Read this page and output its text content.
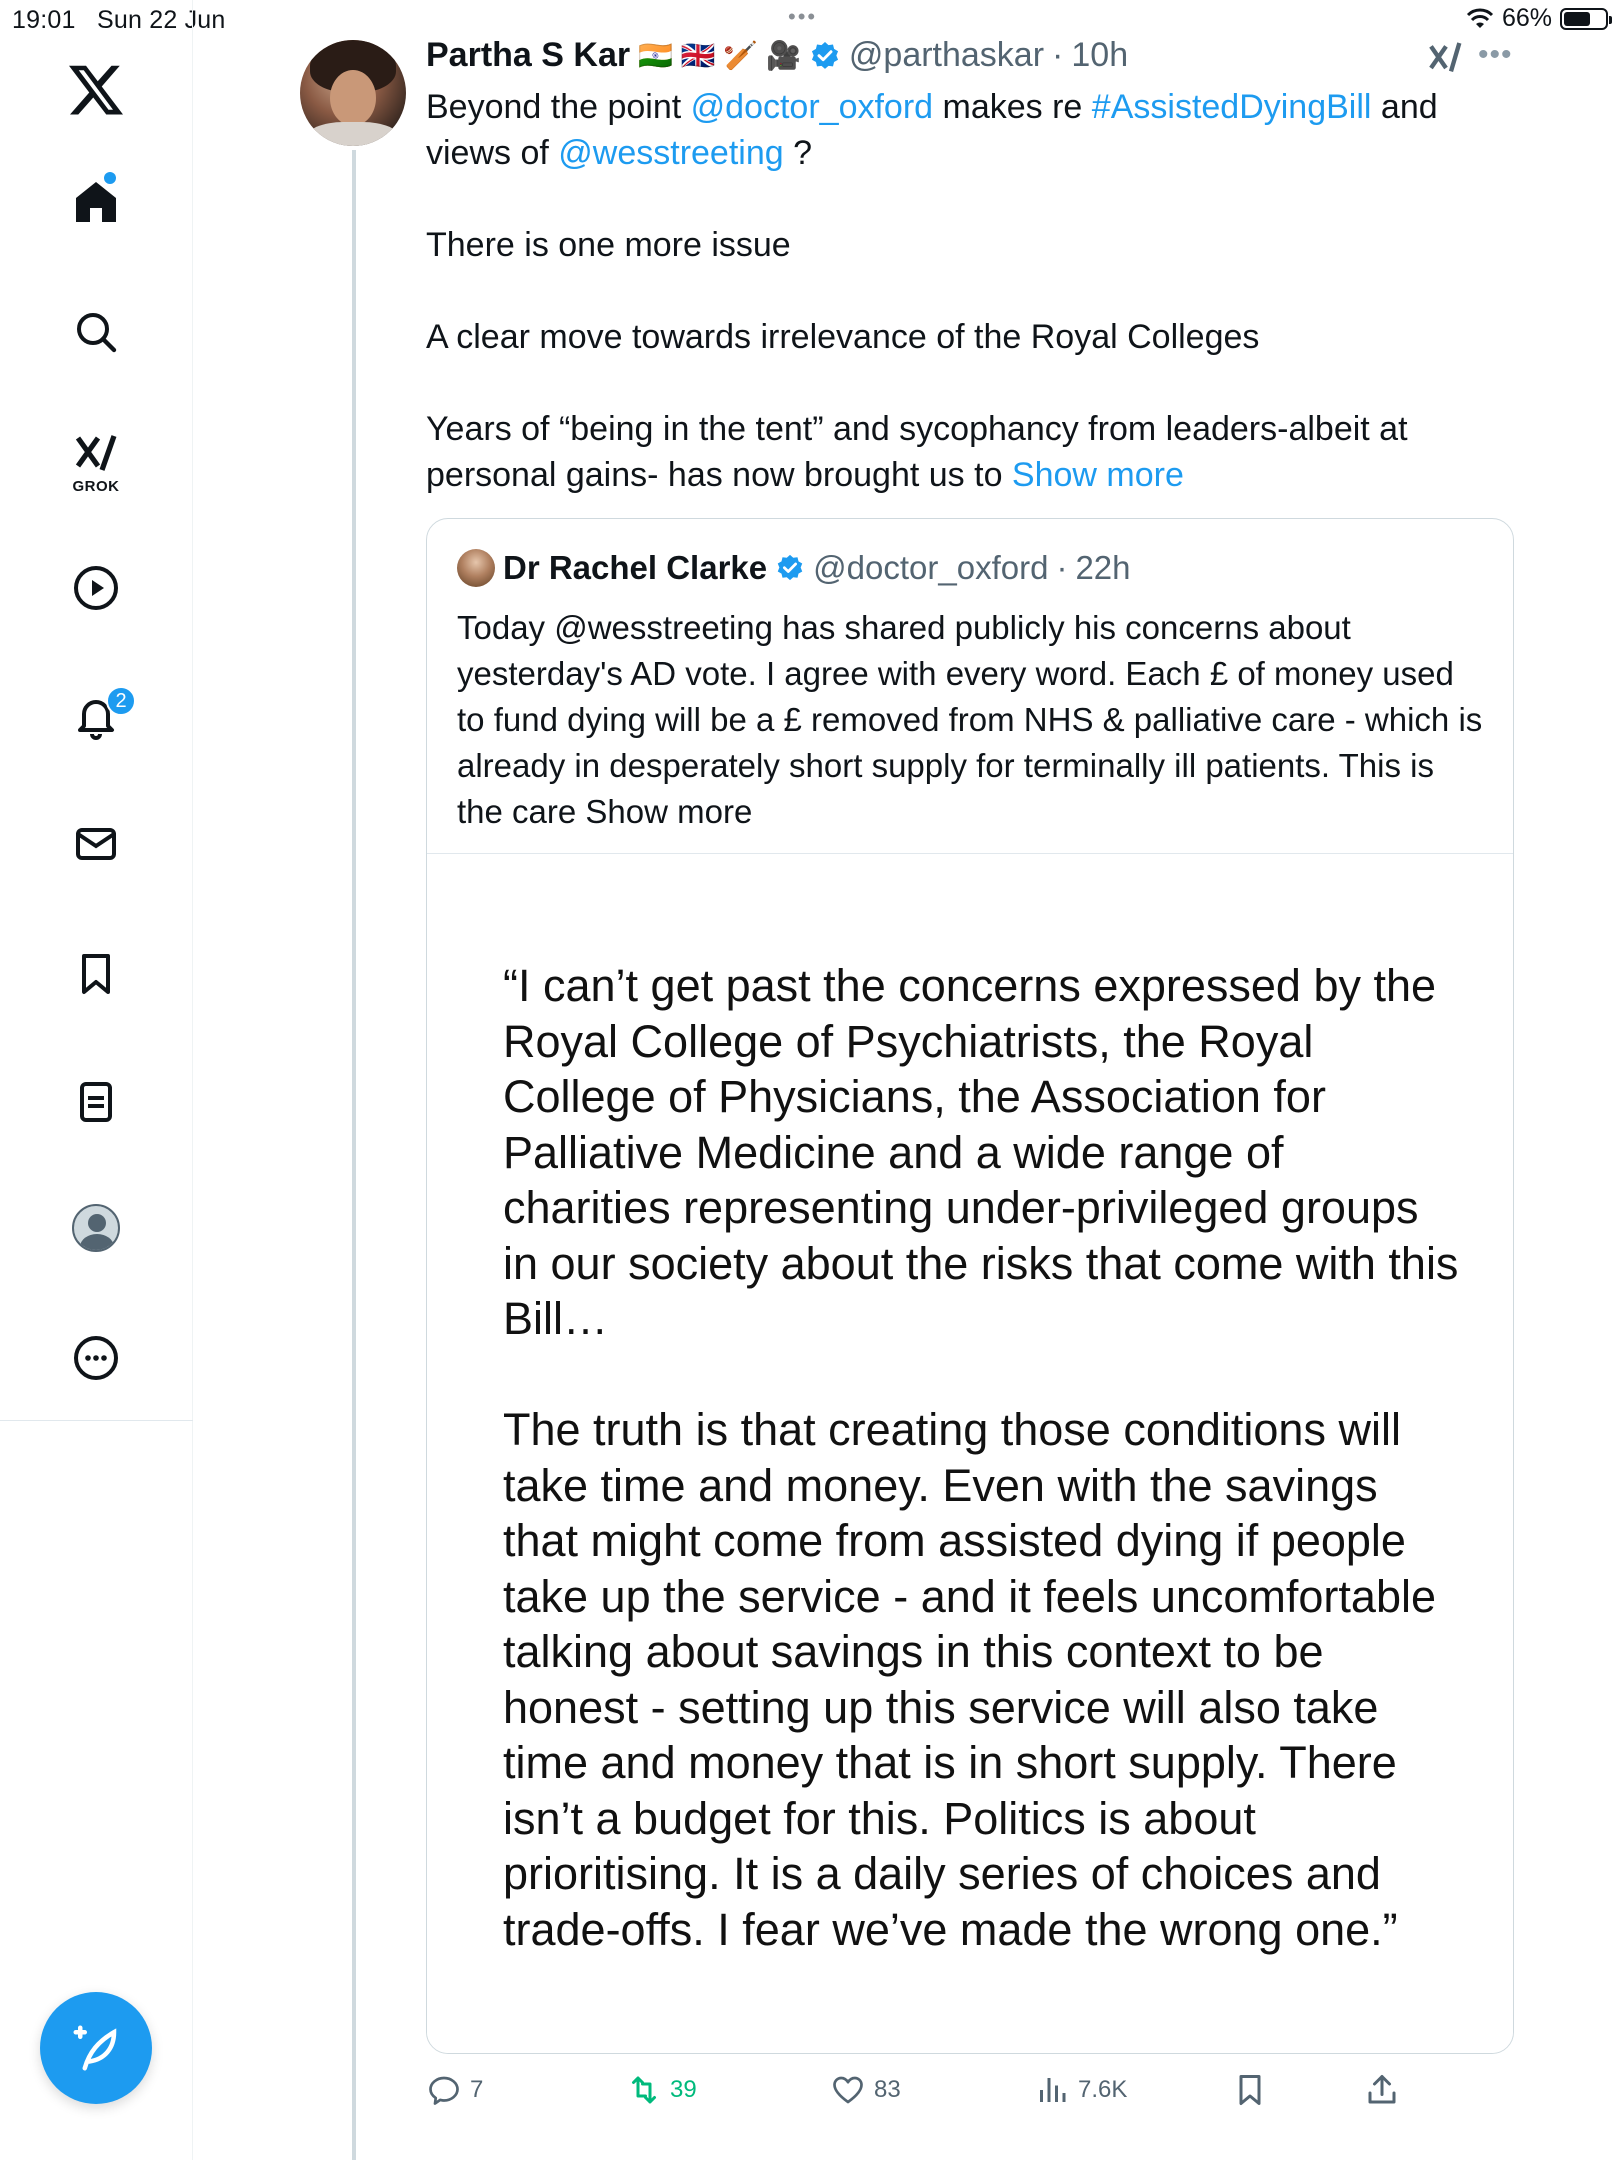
19:01 Sun 22 Jun	•••	66%
GROK
2
Partha S Kar 🇮🇳 🇬🇧 🏏 🎥 @parthaskar · 10h	•••

Beyond the point @doctor_oxford makes re #AssistedDyingBill and views of @wesstreeting ?

There is one more issue

A clear move towards irrelevance of the Royal Colleges

Years of “being in the tent” and sycophancy from leaders-albeit at personal gains- has now brought us to Show more

Dr Rachel Clarke @doctor_oxford · 22h
Today @wesstreeting has shared publicly his concerns about yesterday's AD vote. I agree with every word. Each £ of money used to fund dying will be a £ removed from NHS & palliative care - which is already in desperately short supply for terminally ill patients. This is the care Show more
“I can’t get past the concerns expressed by the Royal College of Psychiatrists, the Royal College of Physicians, the Association for Palliative Medicine and a wide range of charities representing under-privileged groups in our society about the risks that come with this Bill…
The truth is that creating those conditions will take time and money. Even with the savings that might come from assisted dying if people take up the service - and it feels uncomfortable talking about savings in this context to be honest - setting up this service will also take time and money that is in short supply. There isn’t a budget for this. Politics is about prioritising. It is a daily series of choices and trade-offs. I fear we’ve made the wrong one.”
7	39	83	7.6K
